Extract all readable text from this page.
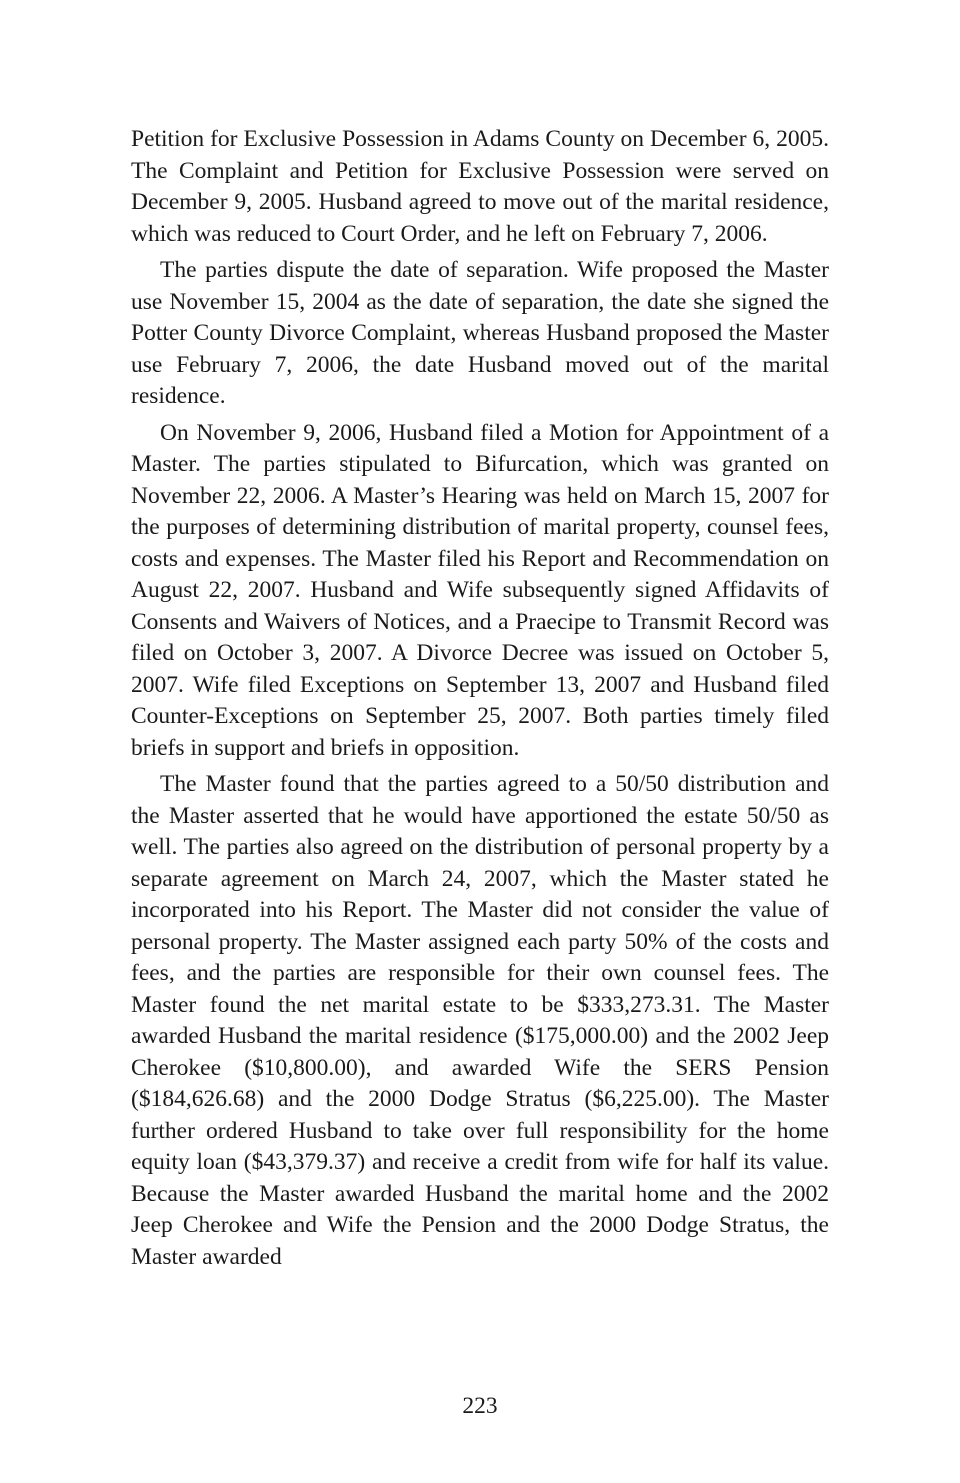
Petition for Exclusive Possession in Adams County on December 6, 2005. The Complaint and Petition for Exclusive Possession were served on December 9, 2005. Husband agreed to move out of the marital residence, which was reduced to Court Order, and he left on February 7, 2006.

The parties dispute the date of separation. Wife proposed the Master use November 15, 2004 as the date of separation, the date she signed the Potter County Divorce Complaint, whereas Husband proposed the Master use February 7, 2006, the date Husband moved out of the marital residence.

On November 9, 2006, Husband filed a Motion for Appointment of a Master. The parties stipulated to Bifurcation, which was granted on November 22, 2006. A Master’s Hearing was held on March 15, 2007 for the purposes of determining distribution of marital property, counsel fees, costs and expenses. The Master filed his Report and Recommendation on August 22, 2007. Husband and Wife subsequently signed Affidavits of Consents and Waivers of Notices, and a Praecipe to Transmit Record was filed on October 3, 2007. A Divorce Decree was issued on October 5, 2007. Wife filed Exceptions on September 13, 2007 and Husband filed Counter-Exceptions on September 25, 2007. Both parties timely filed briefs in support and briefs in opposition.

The Master found that the parties agreed to a 50/50 distribution and the Master asserted that he would have apportioned the estate 50/50 as well. The parties also agreed on the distribution of personal property by a separate agreement on March 24, 2007, which the Master stated he incorporated into his Report. The Master did not consider the value of personal property. The Master assigned each party 50% of the costs and fees, and the parties are responsible for their own counsel fees. The Master found the net marital estate to be $333,273.31. The Master awarded Husband the marital residence ($175,000.00) and the 2002 Jeep Cherokee ($10,800.00), and awarded Wife the SERS Pension ($184,626.68) and the 2000 Dodge Stratus ($6,225.00). The Master further ordered Husband to take over full responsibility for the home equity loan ($43,379.37) and receive a credit from wife for half its value. Because the Master awarded Husband the marital home and the 2002 Jeep Cherokee and Wife the Pension and the 2000 Dodge Stratus, the Master awarded

223
